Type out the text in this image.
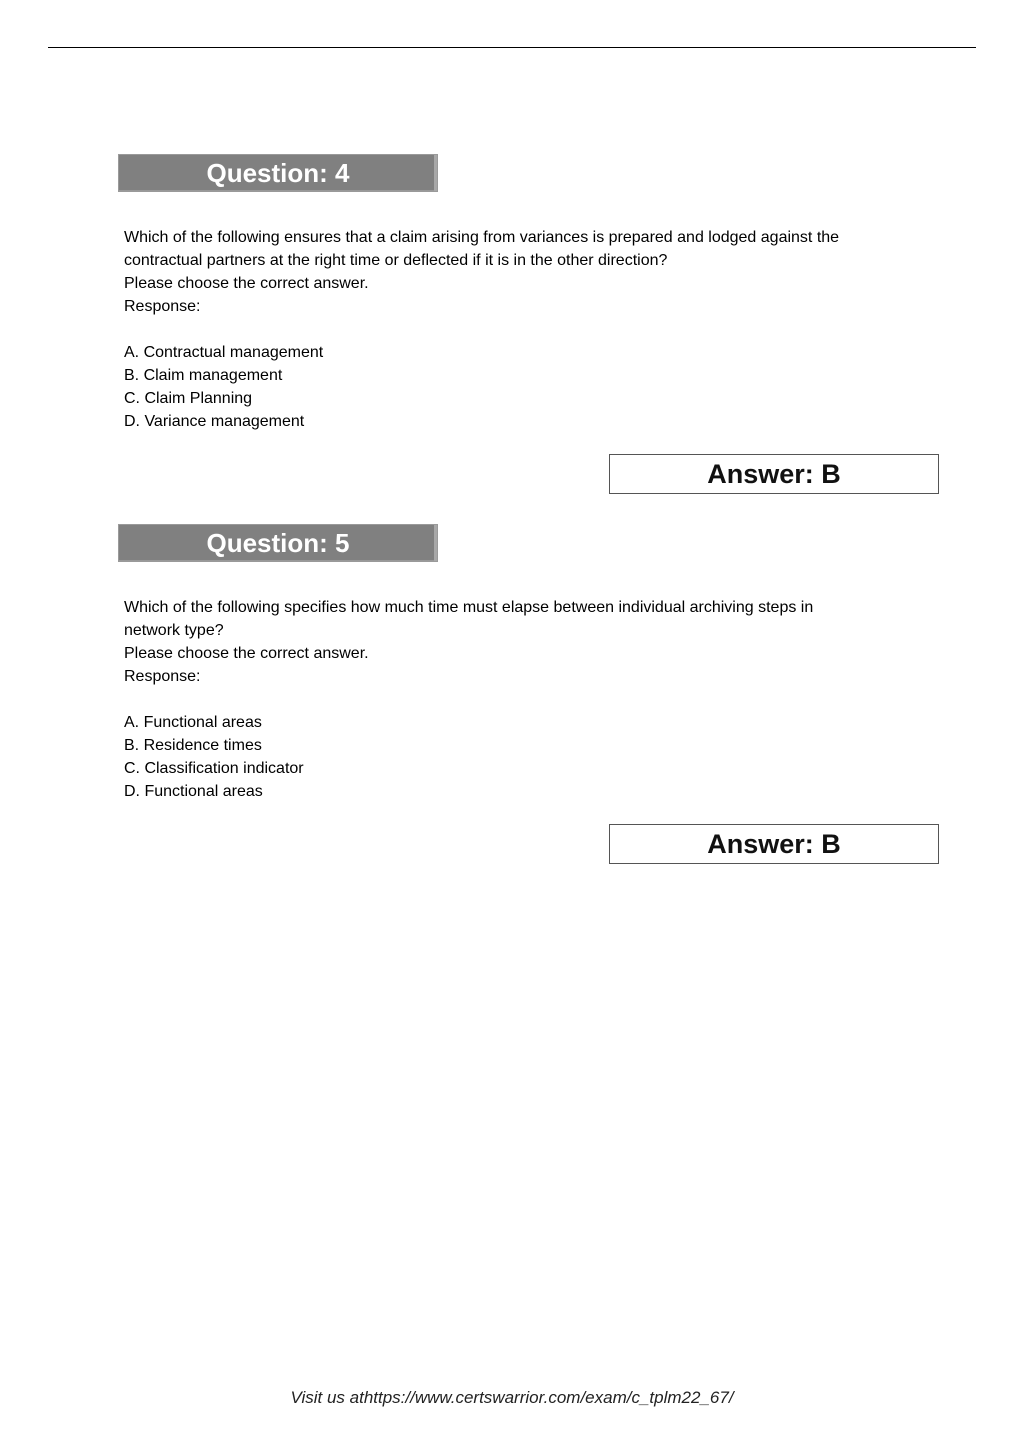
Question: 4

Which of the following ensures that a claim arising from variances is prepared and lodged against the

contractual partners at the right time or deflected if it is in the other direction?

Please choose the correct answer.

Response:

A. Contractual management
B. Claim management
C. Claim Planning
D. Variance management
Answer: B
Question: 5

Which of the following specifies how much time must elapse between individual archiving steps in

network type?

Please choose the correct answer.

Response:

A. Functional areas
B. Residence times
C. Classification indicator
D. Functional areas
Answer: B
Visit us athttps://www.certswarrior.com/exam/c_tplm22_67/
